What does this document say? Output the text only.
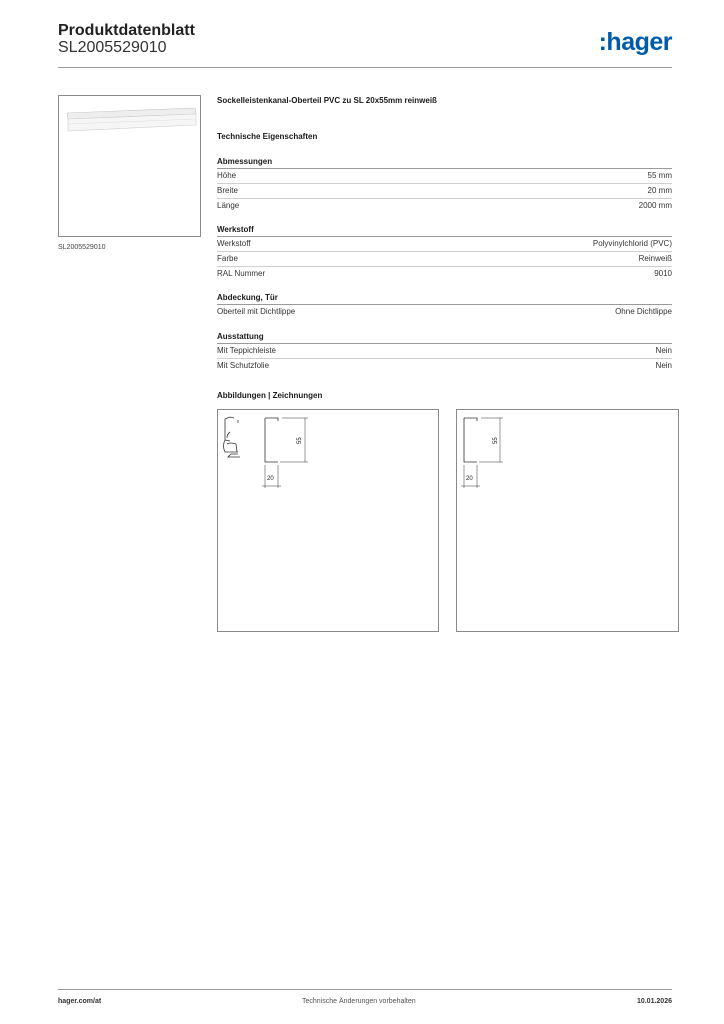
Produktdatenblatt
SL2005529010	:hager
SL2005529010
Sockelleistenkanal-Oberteil PVC zu SL 20x55mm reinweiß
Technische Eigenschaften
Abmessungen
Höhe	55 mm
Breite	20 mm
Länge	2000 mm
Werkstoff
Werkstoff	Polyvinylchlorid (PVC)
Farbe	Reinweiß
RAL Nummer	9010
Abdeckung, Tür
Oberteil mit Dichtlippe	Ohne Dichtlippe
Ausstattung
Mit Teppichleiste	Nein
Mit Schutzfolie	Nein
Abbildungen | Zeichnungen
55
20
55
20
hager.com/at	Technische Änderungen vorbehalten	10.01.2026
